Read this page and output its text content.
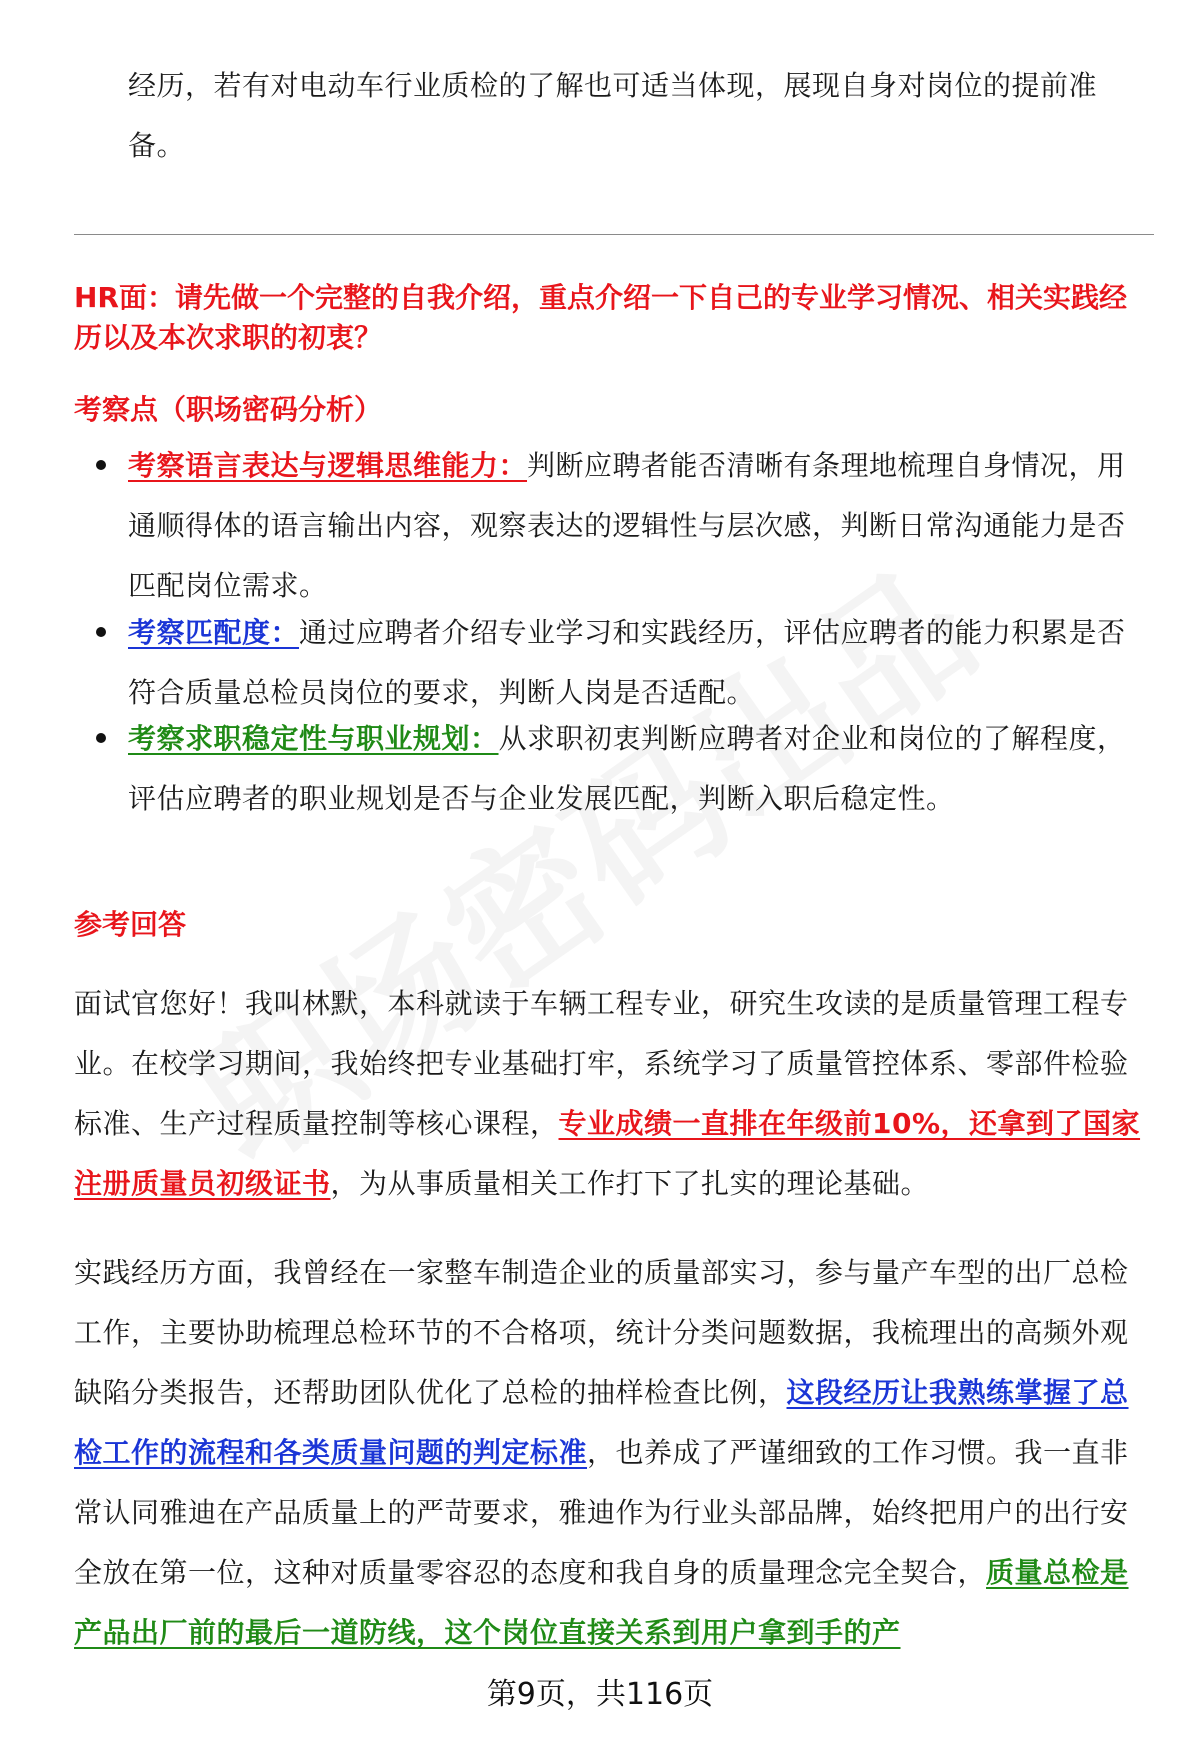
经历，若有对电动车行业质检的了解也可适当体现，展现自身对岗位的提前准备。

HR面：请先做一个完整的自我介绍，重点介绍一下自己的专业学习情况、相关实践经历以及本次求职的初衷？

考察点（职场密码分析）

考察语言表达与逻辑思维能力：判断应聘者能否清晰有条理地梳理自身情况，用通顺得体的语言输出内容，观察表达的逻辑性与层次感，判断日常沟通能力是否匹配岗位需求。

考察匹配度：通过应聘者介绍专业学习和实践经历，评估应聘者的能力积累是否符合质量总检员岗位的要求，判断人岗是否适配。

考察求职稳定性与职业规划：从求职初衷判断应聘者对企业和岗位的了解程度，评估应聘者的职业规划是否与企业发展匹配，判断入职后稳定性。

参考回答

面试官您好！我叫林默，本科就读于车辆工程专业，研究生攻读的是质量管理工程专业。在校学习期间，我始终把专业基础打牢，系统学习了质量管控体系、零部件检验标准、生产过程质量控制等核心课程，专业成绩一直排在年级前10%，还拿到了国家注册质量员初级证书，为从事质量相关工作打下了扎实的理论基础。

实践经历方面，我曾经在一家整车制造企业的质量部实习，参与量产车型的出厂总检工作，主要协助梳理总检环节的不合格项，统计分类问题数据，我梳理出的高频外观缺陷分类报告，还帮助团队优化了总检的抽样检查比例，这段经历让我熟练掌握了总检工作的流程和各类质量问题的判定标准，也养成了严谨细致的工作习惯。我一直非常认同雅迪在产品质量上的严苛要求，雅迪作为行业头部品牌，始终把用户的出行安全放在第一位，这种对质量零容忍的态度和我自身的质量理念完全契合，质量总检是产品出厂前的最后一道防线，这个岗位直接关系到用户拿到手的产

第9页，共116页
